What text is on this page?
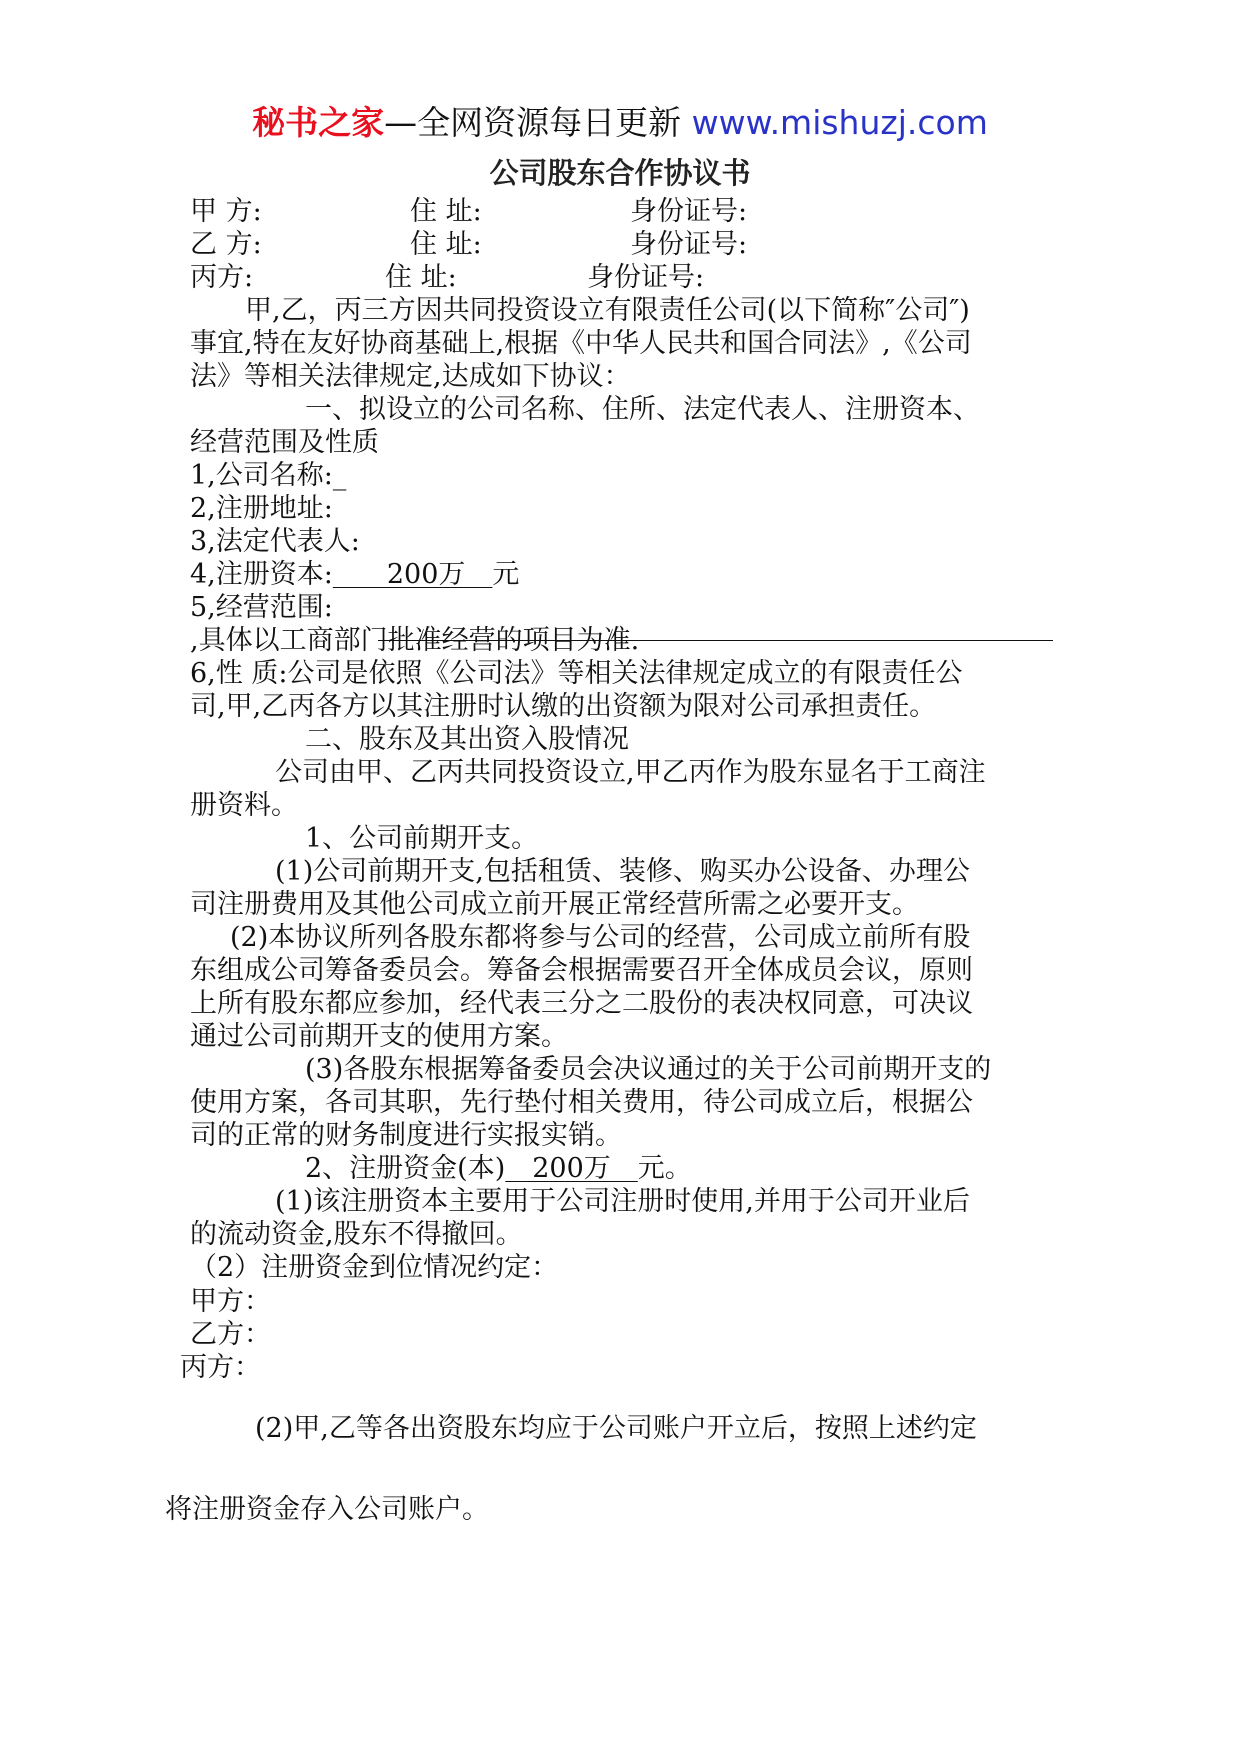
秘书之家—全网资源每日更新 www.mishuzj.com
公司股东合作协议书
甲 方:	住 址:	身份证号:
乙 方:	住 址:	身份证号:
丙方:	住 址:	身份证号:
甲,乙，丙三方因共同投资设立有限责任公司(以下简称″公司″)
事宜,特在友好协商基础上,根据《中华人民共和国合同法》,《公司
法》等相关法律规定,达成如下协议：
一、拟设立的公司名称、住所、法定代表人、注册资本、
经营范围及性质
1,公司名称:_
2,注册地址:
3,法定代表人:
4,注册资本:　　200万　元
5,经营范围:
,具体以工商部门批准经营的项目为准.
6,性 质:公司是依照《公司法》等相关法律规定成立的有限责任公
司,甲,乙丙各方以其注册时认缴的出资额为限对公司承担责任。
二、股东及其出资入股情况
公司由甲、乙丙共同投资设立,甲乙丙作为股东显名于工商注
册资料。
1、公司前期开支。
(1)公司前期开支,包括租赁、装修、购买办公设备、办理公
司注册费用及其他公司成立前开展正常经营所需之必要开支。
(2)本协议所列各股东都将参与公司的经营，公司成立前所有股
东组成公司筹备委员会。筹备会根据需要召开全体成员会议，原则
上所有股东都应参加，经代表三分之二股份的表决权同意，可决议
通过公司前期开支的使用方案。
(3)各股东根据筹备委员会决议通过的关于公司前期开支的
使用方案，各司其职，先行垫付相关费用，待公司成立后，根据公
司的正常的财务制度进行实报实销。
2、注册资金(本)　200万　元。
(1)该注册资本主要用于公司注册时使用,并用于公司开业后
的流动资金,股东不得撤回。
（2）注册资金到位情况约定：
甲方：
乙方：
丙方：
(2)甲,乙等各出资股东均应于公司账户开立后，按照上述约定
将注册资金存入公司账户。
